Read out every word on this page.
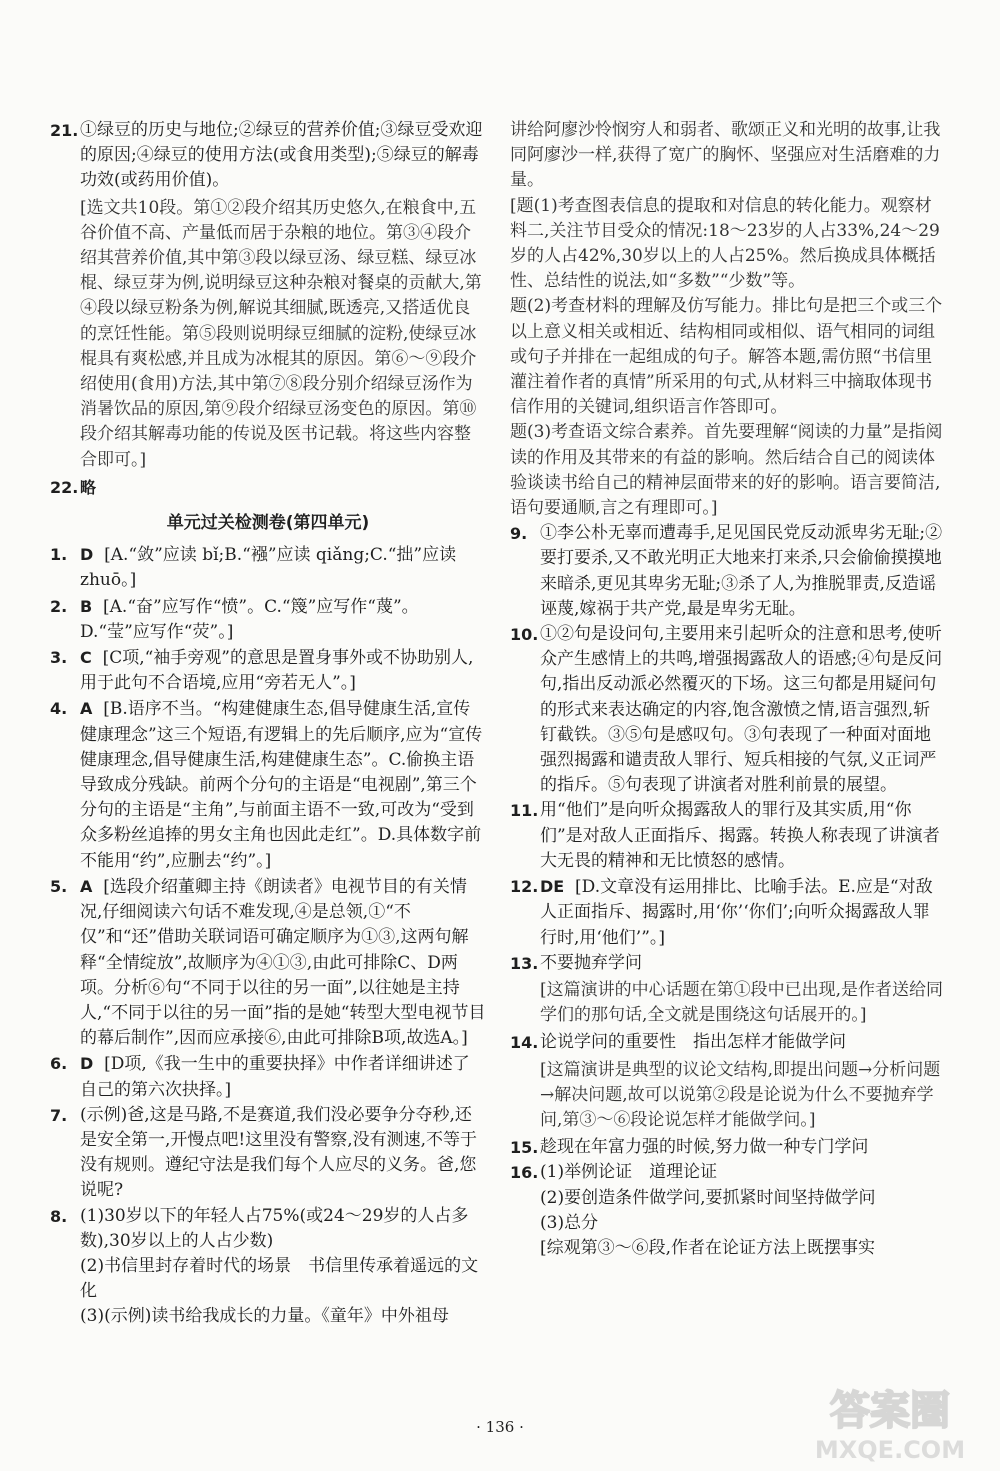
21. ①绿豆的历史与地位;②绿豆的营养价值;③绿豆受欢迎的原因;④绿豆的使用方法(或食用类型);⑤绿豆的解毒功效(或药用价值)。

[选文共10段。第①②段介绍其历史悠久,在粮食中,五谷价值不高、产量低而居于杂粮的地位。第③④段介绍其营养价值,其中第③段以绿豆汤、绿豆糕、绿豆冰棍、绿豆芽为例,说明绿豆这种杂粮对餐桌的贡献大,第④段以绿豆粉条为例,解说其细腻,既透亮,又搭适优良的烹饪性能。第⑤段则说明绿豆细腻的淀粉,使绿豆冰棍具有爽松感,并且成为冰棍其的原因。第⑥～⑨段介绍使用(食用)方法,其中第⑦⑧段分别介绍绿豆汤作为消暑饮品的原因,第⑨段介绍绿豆汤变色的原因。第⑩段介绍其解毒功能的传说及医书记载。将这些内容整合即可。]

22. 略

单元过关检测卷(第四单元)

1. D [A.“敛”应读 bǐ;B.“襁”应读 qiǎng;C.“拙”应读 zhuō。]

2. B [A.“奋”应写作“愤”。C.“篾”应写作“蔑”。D.“莹”应写作“荧”。]

3. C [C项,“袖手旁观”的意思是置身事外或不协助别人,用于此句不合语境,应用“旁若无人”。]

4. A [B.语序不当。“构建健康生态,倡导健康生活,宣传健康理念”这三个短语,有逻辑上的先后顺序,应为“宣传健康理念,倡导健康生活,构建健康生态”。C.偷换主语导致成分残缺。前两个分句的主语是“电视剧”,第三个分句的主语是“主角”,与前面主语不一致,可改为“受到众多粉丝追捧的男女主角也因此走红”。D.具体数字前不能用“约”,应删去“约”。]

5. A [选段介绍董卿主持《朗读者》电视节目的有关情况,仔细阅读六句话不难发现,④是总领,①“不仅”和“还”借助关联词语可确定顺序为①③,这两句解释“全情绽放”,故顺序为④①③,由此可排除C、D两项。分析⑥句“不同于以往的另一面”,以往她是主持人,“不同于以往的另一面”指的是她“转型大型电视节目的幕后制作”,因而应承接⑥,由此可排除B项,故选A。]

6. D [D项,《我一生中的重要抉择》中作者详细讲述了自己的第六次抉择。]

7. (示例)爸,这是马路,不是赛道,我们没必要争分夺秒,还是安全第一,开慢点吧!这里没有警察,没有测速,不等于没有规则。遵纪守法是我们每个人应尽的义务。爸,您说呢?

8. (1)30岁以下的年轻人占75%(或24～29岁的人占多数),30岁以上的人占少数)

(2)书信里封存着时代的场景　书信里传承着遥远的文化

(3)(示例)读书给我成长的力量。《童年》中外祖母

讲给阿廖沙怜悯穷人和弱者、歌颂正义和光明的故事,让我同阿廖沙一样,获得了宽广的胸怀、坚强应对生活磨难的力量。

[题(1)考查图表信息的提取和对信息的转化能力。观察材料二,关注节目受众的情况:18～23岁的人占33%,24～29岁的人占42%,30岁以上的人占25%。然后换成具体概括性、总结性的说法,如“多数”“少数”等。

题(2)考查材料的理解及仿写能力。排比句是把三个或三个以上意义相关或相近、结构相同或相似、语气相同的词组或句子并排在一起组成的句子。解答本题,需仿照“书信里灌注着作者的真情”所采用的句式,从材料三中摘取体现书信作用的关键词,组织语言作答即可。

题(3)考查语文综合素养。首先要理解“阅读的力量”是指阅读的作用及其带来的有益的影响。然后结合自己的阅读体验谈读书给自己的精神层面带来的好的影响。语言要简洁,语句要通顺,言之有理即可。]

9. ①李公朴无辜而遭毒手,足见国民党反动派卑劣无耻;②要打要杀,又不敢光明正大地来打来杀,只会偷偷摸摸地来暗杀,更见其卑劣无耻;③杀了人,为推脱罪责,反造谣诬蔑,嫁祸于共产党,最是卑劣无耻。

10. ①②句是设问句,主要用来引起听众的注意和思考,使听众产生感情上的共鸣,增强揭露敌人的语感;④句是反问句,指出反动派必然覆灭的下场。这三句都是用疑问句的形式来表达确定的内容,饱含激愤之情,语言强烈,斩钉截铁。③⑤句是感叹句。③句表现了一种面对面地强烈揭露和谴责敌人罪行、短兵相接的气氛,义正词严的指斥。⑤句表现了讲演者对胜利前景的展望。

11. 用“他们”是向听众揭露敌人的罪行及其实质,用“你们”是对敌人正面指斥、揭露。转换人称表现了讲演者大无畏的精神和无比愤怒的感情。

12. DE [D.文章没有运用排比、比喻手法。E.应是“对敌人正面指斥、揭露时,用‘你’‘你们’;向听众揭露敌人罪行时,用‘他们’”。]

13. 不要抛弃学问

[这篇演讲的中心话题在第①段中已出现,是作者送给同学们的那句话,全文就是围绕这句话展开的。]

14. 论说学问的重要性　指出怎样才能做学问

[这篇演讲是典型的议论文结构,即提出问题→分析问题→解决问题,故可以说第②段是论说为什么不要抛弃学问,第③～⑥段论说怎样才能做学问。]

15. 趁现在年富力强的时候,努力做一种专门学问

16. (1)举例论证　道理论证

(2)要创造条件做学问,要抓紧时间坚持做学问

(3)总分

[综观第③～⑥段,作者在论证方法上既摆事实

· 136 ·	答案圈
MXQE.COM
